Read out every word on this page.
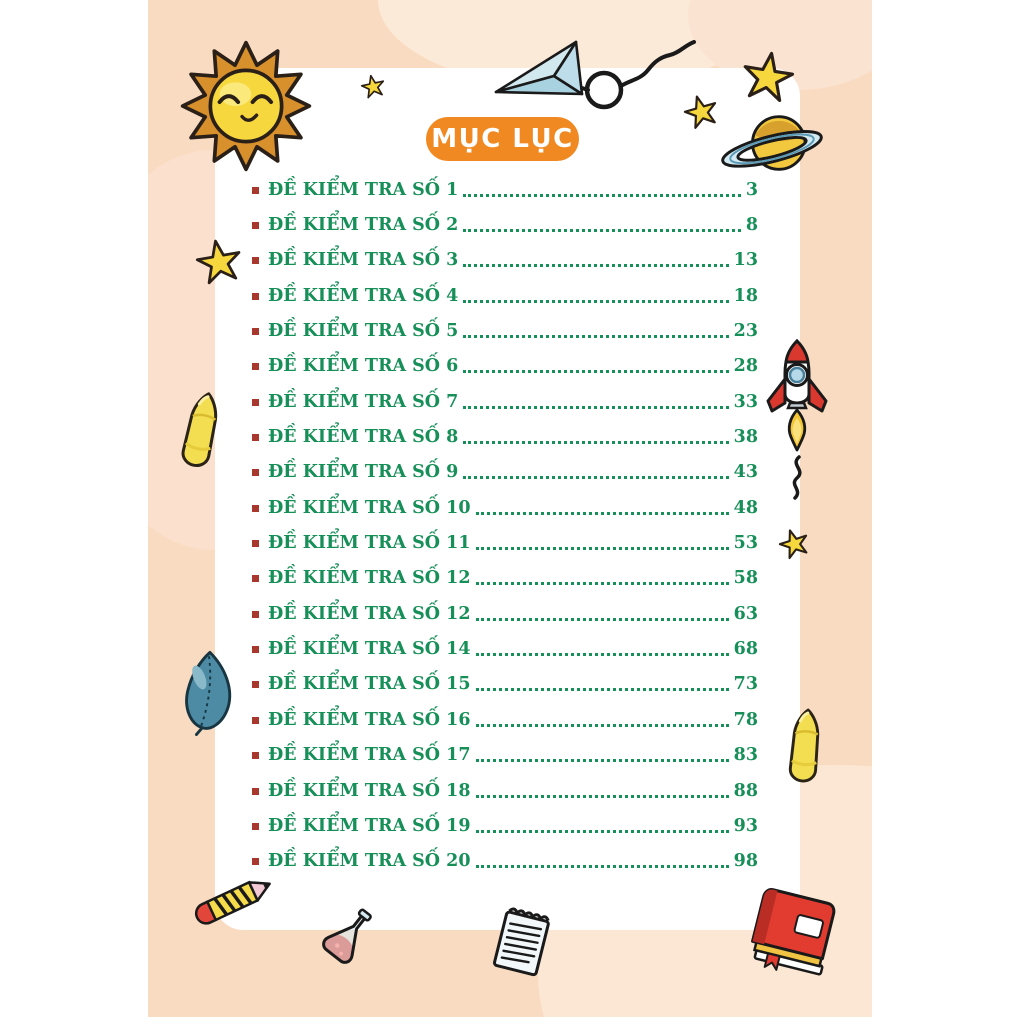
MỤC LỤC
ĐỀ KIỂM TRA SỐ 1	3
ĐỀ KIỂM TRA SỐ 2	8
ĐỀ KIỂM TRA SỐ 3	13
ĐỀ KIỂM TRA SỐ 4	18
ĐỀ KIỂM TRA SỐ 5	23
ĐỀ KIỂM TRA SỐ 6	28
ĐỀ KIỂM TRA SỐ 7	33
ĐỀ KIỂM TRA SỐ 8	38
ĐỀ KIỂM TRA SỐ 9	43
ĐỀ KIỂM TRA SỐ 10	48
ĐỀ KIỂM TRA SỐ 11	53
ĐỀ KIỂM TRA SỐ 12	58
ĐỀ KIỂM TRA SỐ 12	63
ĐỀ KIỂM TRA SỐ 14	68
ĐỀ KIỂM TRA SỐ 15	73
ĐỀ KIỂM TRA SỐ 16	78
ĐỀ KIỂM TRA SỐ 17	83
ĐỀ KIỂM TRA SỐ 18	88
ĐỀ KIỂM TRA SỐ 19	93
ĐỀ KIỂM TRA SỐ 20	98
